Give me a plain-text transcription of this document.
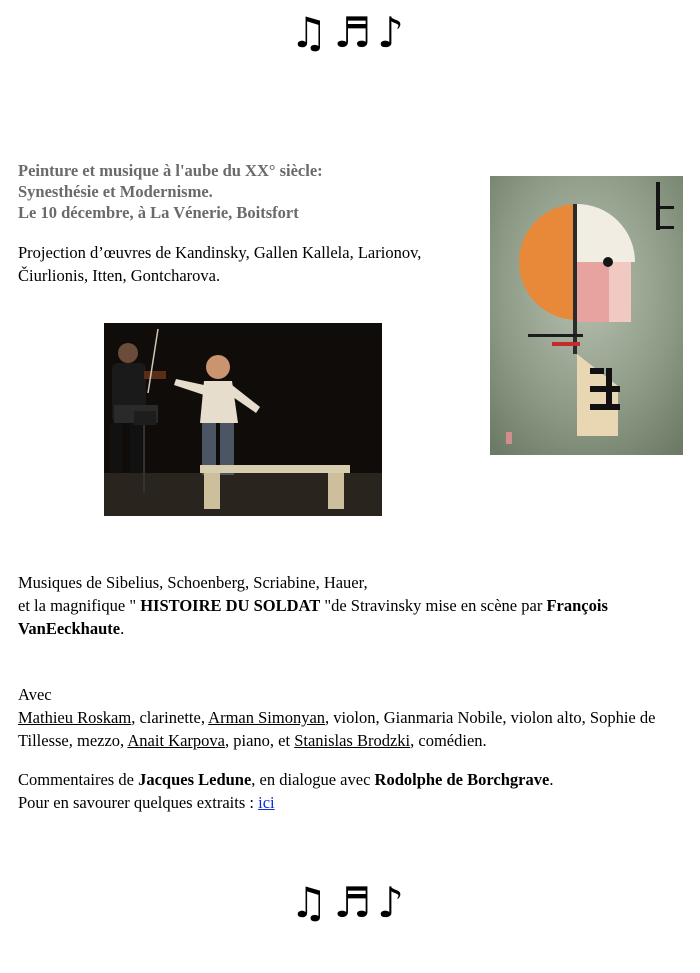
♫♬♪
Peinture et musique à l'aube du XX° siècle:
Synesthésie et Modernisme.
Le 10 décembre, à La Vénerie, Boitsfort
Projection d’œuvres de Kandinsky, Gallen Kallela, Larionov, Čiurlionis, Itten, Gontcharova.
Musiques de Sibelius, Schoenberg, Scriabine, Hauer,
et la magnifique " HISTOIRE DU SOLDAT "de Stravinsky mise en scène par François VanEeckhaute.
Avec
Mathieu Roskam, clarinette, Arman Simonyan, violon, Gianmaria Nobile, violon alto, Sophie de Tillesse, mezzo, Anait Karpova, piano, et Stanislas Brodzki, comédien.
Commentaires de Jacques Ledune, en dialogue avec Rodolphe de Borchgrave.
Pour en savourer quelques extraits : ici
♫♬♪
